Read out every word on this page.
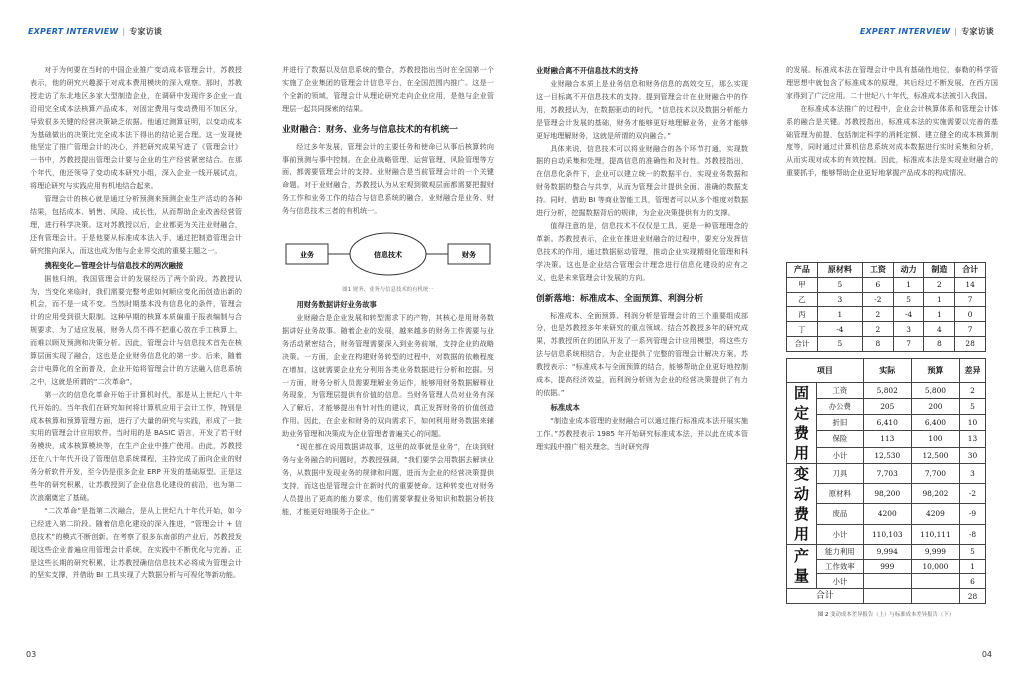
EXPERT INTERVIEW | 专家访谈	EXPERT INTERVIEW | 专家访谈

对于为何要在当时的中国企业推广变动成本管理会计，苏教授表示，他的研究兴趣源于对成本费用模块的深入观察。那时，苏教授走访了东北地区多家大型制造企业，在调研中发现许多企业一直沿用完全成本法核算产品成本，对固定费用与变动费用不加区分，导致很多关键的经营决策缺乏依据。他通过测算证明，以变动成本为基础做出的决策比完全成本法下得出的结论更合理。这一发现使他坚定了推广管理会计的决心，并把研究成果写进了《管理会计》一书中，苏教授提出管理会计要与企业的生产经营紧密结合。在那个年代，他还领导了变动成本研究小组，深入企业一线开展试点，将理论研究与实践应用有机地结合起来。

管理会计的核心就是通过分析预测来预测企业生产活动的各种结果，包括成本、销售、风险、成长性，从而帮助企业改善经营管理，进行科学决策。这对苏教授以后，企业都更为关注业财融合，还有管理会计。于是他要从标准成本法入手，通过把制造管理会计研究推向深入，而这也成为他与企业界交流的重要主题之一。

携程变化—管理会计与信息技术的两次融接

据他归纳，我国管理会计的发展经历了两个阶段。苏教授认为，当变化来临时，我们需要完整考虑如何顺应变化而创造出新的机会，而不是一成不变。当然时期基本没有信息化的条件，管理会计的应用受到很大限制。这种早期的核算本质偏重于报表编制与合规要求，为了适应发展，财务人员不得不把重心放在手工核算上，而难以顾及预测和决策分析。因此，管理会计与信息技术首先在核算层面实现了融合，这也是企业财务信息化的第一步。后来，随着会计电算化的全面普及，企业开始将管理会计的方法融入信息系统之中，这就是所谓的“二次革命”。

第一次的信息化革命开始于计算机时代，那是从上世纪八十年代开始的。当年我们在研究如何将计算机应用于会计工作，特别是成本核算和预算管理方面，进行了大量的研究与实践，形成了一批实用的管理会计应用软件。当时用的是 BASIC 语言，开发了若干财务模块，成本核算模块等，在生产企业中推广使用。由此，苏教授还在八十年代开设了管理信息系统课程，主持完成了面向企业的财务分析软件开发，至今仍是很多企业 ERP 开发的基础原型。正是这些年的研究积累，让苏教授到了企业信息化建设的前沿，也为第二次浪潮奠定了基础。

“二次革命”是指第二次融合，是从上世纪九十年代开始，如今已经进入第二阶段。随着信息化建设的深入推进，“管理会计 + 信息技术”的模式不断创新。在考察了很多东南部的产业后，苏教授发现这些企业普遍应用管理会计系统，在实践中不断优化与完善。正是这些长期的研究积累，让苏教授确信信息技术必将成为管理会计的坚实支撑，并借助 BI 工具实现了大数据分析与可视化等新功能。

并进行了数据以及信息系统的整合，苏教授指出当时在全国第一个实施了企业集团的管理会计信息平台，在全国范围内推广。这是一个全新的领域，管理会计从理论研究走向企业应用，是他与企业管理层一起共同探索的结果。

业财融合：财务、业务与信息技术的有机统一

经过多年发展，管理会计的主要任务和使命已从事后核算转向事前预测与事中控制。在企业战略管理、运营管理、风险管理等方面，都需要管理会计的支持。业财融合是当前管理会计的一个关键命题。对于业财融合，苏教授认为从宏观到微观层面都需要把握财务工作和业务工作的结合与信息系统的融合，业财融合是业务、财务与信息技术三者的有机统一。

业务	信息技术	财务

图1 财务、业务与信息技术的有机统一

用财务数据讲好业务故事

业财融合是企业发展和转型需求下的产物，其核心是用财务数据讲好业务故事。随着企业的发展，越来越多的财务工作需要与业务活动紧密结合，财务管理需要深入到业务前端，支持企业的战略决策。一方面，企业在构建财务转型的过程中，对数据的依赖程度在增加，这就需要企业充分利用各类业务数据进行分析和挖掘。另一方面，财务分析人员需要理解业务运作，能够用财务数据解释业务现象，为管理层提供有价值的信息。当财务管理人员对业务有深入了解后，才能够提出有针对性的建议，真正发挥财务的价值创造作用。因此，在企业和财务的双向需求下，如何利用财务数据来辅助业务管理和决策成为企业管理者普遍关心的问题。

“现在都在说用数据讲故事，这里的故事就是业务”，在谈到财务与业务融合的问题时，苏教授强调，“我们要学会用数据去解读业务，从数据中发现业务的规律和问题，进而为企业的经营决策提供支持，而这也是管理会计在新时代的重要使命。这种转变也对财务人员提出了更高的能力要求，他们需要掌握业务知识和数据分析技能，才能更好地服务于企业。”

业财融合离不开信息技术的支持

业财融合本质上是业务信息和财务信息的高效交互，那么实现这一目标离不开信息技术的支持。提到管理会计在业财融合中的作用，苏教授认为，在数据驱动的时代，“信息技术以及数据分析能力是管理会计发展的基础，财务才能够更好地理解业务，业务才能够更好地理解财务，这就是所谓的双向融合。”

具体来说，信息技术可以将业财融合的各个环节打通，实现数据的自动采集和处理，提高信息的准确性和及时性。苏教授指出，在信息化条件下，企业可以建立统一的数据平台，实现业务数据和财务数据的整合与共享，从而为管理会计提供全面、准确的数据支持。同时，借助 BI 等商业智能工具，管理者可以从多个维度对数据进行分析，挖掘数据背后的规律，为企业决策提供有力的支撑。

值得注意的是，信息技术不仅仅是工具，更是一种管理理念的革新。苏教授表示，企业在推进业财融合的过程中，要充分发挥信息技术的作用，通过数据驱动管理，推动企业实现精细化管理和科学决策。这也是企业结合管理会计理念进行信息化建设的应有之义，也是未来管理会计发展的方向。

创新落地：标准成本、全面预算、利润分析

标准成本、全面预算、利润分析是管理会计的三个重要组成部分，也是苏教授多年来研究的重点领域。结合苏教授多年的研究成果，苏教授所在的团队开发了一系列管理会计应用模型，将这些方法与信息系统相结合，为企业提供了完整的管理会计解决方案。苏教授表示：“标准成本与全面预算的结合，能够帮助企业更好地控制成本，提高经济效益，而利润分析则为企业的经营决策提供了有力的依据。”

标准成本

“制造业成本管理的业财融合可以通过推行标准成本法开展实施工作。”苏教授表示 1985 年开始研究标准成本法，并以此在成本管理实践中推广相关理念，当时研究得

的发展。标准成本法在管理会计中具有基础性地位，泰勒的科学管理思想中就包含了标准成本的原理，其后经过不断发展，在西方国家得到了广泛应用。二十世纪八十年代，标准成本法被引入我国。

在标准成本法推广的过程中，企业会计核算体系和管理会计体系的融合是关键。苏教授指出，标准成本法的实施需要以完善的基础管理为前提，包括制定科学的消耗定额、建立健全的成本核算制度等，同时通过计算机信息系统对成本数据进行实时采集和分析，从而实现对成本的有效控制。因此，标准成本法是实现业财融合的重要抓手，能够帮助企业更好地掌握产品成本的构成情况。

产品	原材料	工资	动力	制造	合计
甲	5	6	1	2	14
乙	3	-2	5	1	7
丙	1	2	-4	1	0
丁	-4	2	3	4	7
合计	5	8	7	8	28
项目		实际	预算	差异
固定费用	工资	5,802	5,800	2
	办公费	205	200	5
	折旧	6,410	6,400	10
	保险	113	100	13
	小计	12,530	12,500	30
变动费用	刀具	7,703	7,700	3
	原材料	98,200	98,202	-2
	废品	4200	4209	-9
	小计	110,103	110,111	-8
产量	能力利用	9,994	9,999	5
	工作效率	999	10,000	1
	小计			6
合计				28
图 2 变动成本差异报告（上）与标准成本差异报告（下）
03	04
